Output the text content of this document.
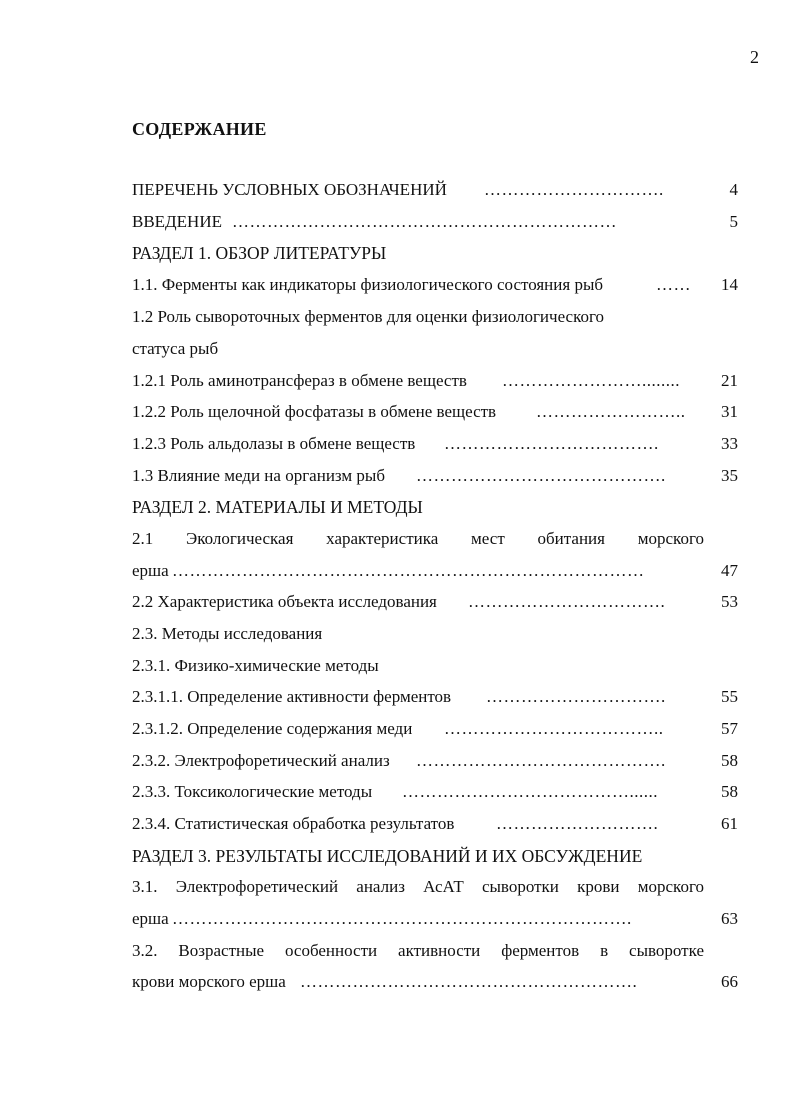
2
СОДЕРЖАНИЕ
ПЕРЕЧЕНЬ УСЛОВНЫХ ОБОЗНАЧЕНИЙ ………………………….	4
ВВЕДЕНИЕ …………………………………………………………	5
РАЗДЕЛ 1. ОБЗОР ЛИТЕРАТУРЫ
1.1. Ферменты как индикаторы физиологического состояния рыб	……	14
1.2 Роль сывороточных ферментов для оценки физиологического
статуса рыб
1.2.1 Роль аминотрансфераз в обмене веществ ……………………........	21
1.2.2 Роль щелочной фосфатазы в обмене веществ ……………………..	31
1.2.3 Роль альдолазы в обмене веществ ……………………………….	33
1.3 Влияние меди на организм рыб …………………………………….	35
РАЗДЕЛ 2. МАТЕРИАЛЫ И МЕТОДЫ
2.1 Экологическая характеристика мест обитания морского
ерша ………………………………………………………………………	47
2.2 Характеристика объекта исследования …………………………….	53
2.3. Методы исследования
2.3.1. Физико-химические методы
2.3.1.1. Определение активности ферментов ………………………….	55
2.3.1.2. Определение содержания меди ………………………………..	57
2.3.2. Электрофоретический анализ …………………………………….	58
2.3.3. Токсикологические методы …………………………………......	58
2.3.4. Статистическая обработка результатов ……………………….	61
РАЗДЕЛ 3. РЕЗУЛЬТАТЫ ИССЛЕДОВАНИЙ И ИХ ОБСУЖДЕНИЕ
3.1. Электрофоретический анализ АсАТ сыворотки крови морского
ерша …………………………………………………………………….	63
3.2. Возрастные особенности активности ферментов в сыворотке
крови морского ерша ………………………………………………….	66
